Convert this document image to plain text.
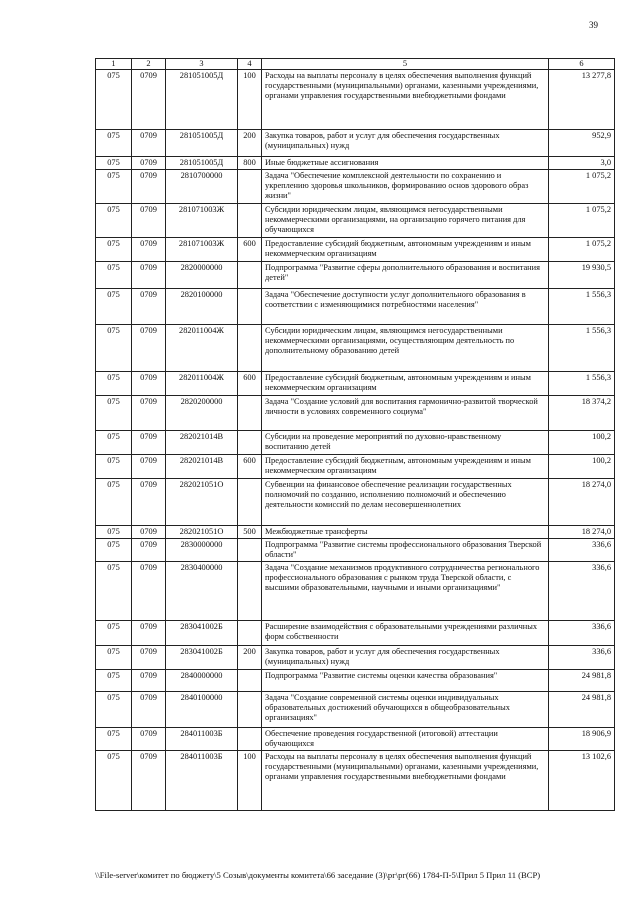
39
1	2	3	4	5	6
075	0709	281051005Д	100	Расходы на выплаты персоналу в целях обеспечения выполнения функций государственными (муниципальными) органами, казенными учреждениями, органами управления государственными внебюджетными фондами	13 277,8
075	0709	281051005Д	200	Закупка товаров, работ и услуг для обеспечения государственных (муниципальных) нужд	952,9
075	0709	281051005Д	800	Иные бюджетные ассигнования	3,0
075	0709	2810700000		Задача "Обеспечение комплексной деятельности по сохранению и укреплению здоровья школьников, формированию основ здорового образ жизни"	1 075,2
075	0709	281071003Ж		Субсидии юридическим лицам, являющимся негосударственными некоммерческими организациями, на организацию горячего питания для обучающихся	1 075,2
075	0709	281071003Ж	600	Предоставление субсидий бюджетным, автономным учреждениям и иным некоммерческим организациям	1 075,2
075	0709	2820000000		Подпрограмма "Развитие сферы дополнительного образования и воспитания детей"	19 930,5
075	0709	2820100000		Задача "Обеспечение доступности услуг дополнительного образования в соответствии с изменяющимися потребностями населения"	1 556,3
075	0709	282011004Ж		Субсидии юридическим лицам, являющимся негосударственными некоммерческими организациями, осуществляющим деятельность по дополнительному образованию детей	1 556,3
075	0709	282011004Ж	600	Предоставление субсидий бюджетным, автономным учреждениям и иным некоммерческим организациям	1 556,3
075	0709	2820200000		Задача "Создание условий для воспитания гармонично-развитой творческой личности в условиях современного социума"	18 374,2
075	0709	282021014В		Субсидии на проведение мероприятий по духовно-нравственному воспитанию детей	100,2
075	0709	282021014В	600	Предоставление субсидий бюджетным, автономным учреждениям и иным некоммерческим организациям	100,2
075	0709	282021051О		Субвенции на финансовое обеспечение реализации государственных полномочий по созданию, исполнению полномочий и обеспечению деятельности комиссий по делам несовершеннолетних	18 274,0
075	0709	282021051О	500	Межбюджетные трансферты	18 274,0
075	0709	2830000000		Подпрограмма "Развитие системы профессионального образования Тверской области"	336,6
075	0709	2830400000		Задача "Создание механизмов продуктивного сотрудничества регионального профессионального образования с рынком труда Тверской области, с высшими образовательными, научными и иными организациями"	336,6
075	0709	283041002Б		Расширение взаимодействия с образовательными учреждениями различных форм собственности	336,6
075	0709	283041002Б	200	Закупка товаров, работ и услуг для обеспечения государственных (муниципальных) нужд	336,6
075	0709	2840000000		Подпрограмма "Развитие системы оценки качества образования"	24 981,8
075	0709	2840100000		Задача "Создание современной системы оценки индивидуальных образовательных достижений обучающихся в общеобразовательных организациях"	24 981,8
075	0709	284011003Б		Обеспечение проведения государственной (итоговой) аттестации обучающихся	18 906,9
075	0709	284011003Б	100	Расходы на выплаты персоналу в целях обеспечения выполнения функций государственными (муниципальными) органами, казенными учреждениями, органами управления государственными внебюджетными фондами	13 102,6
\\File-server\комитет по бюджету\5 Созыв\документы комитета\66 заседание (3)\рг\рг(66) 1784-П-5\Прил 5 Прил 11 (ВСР)
